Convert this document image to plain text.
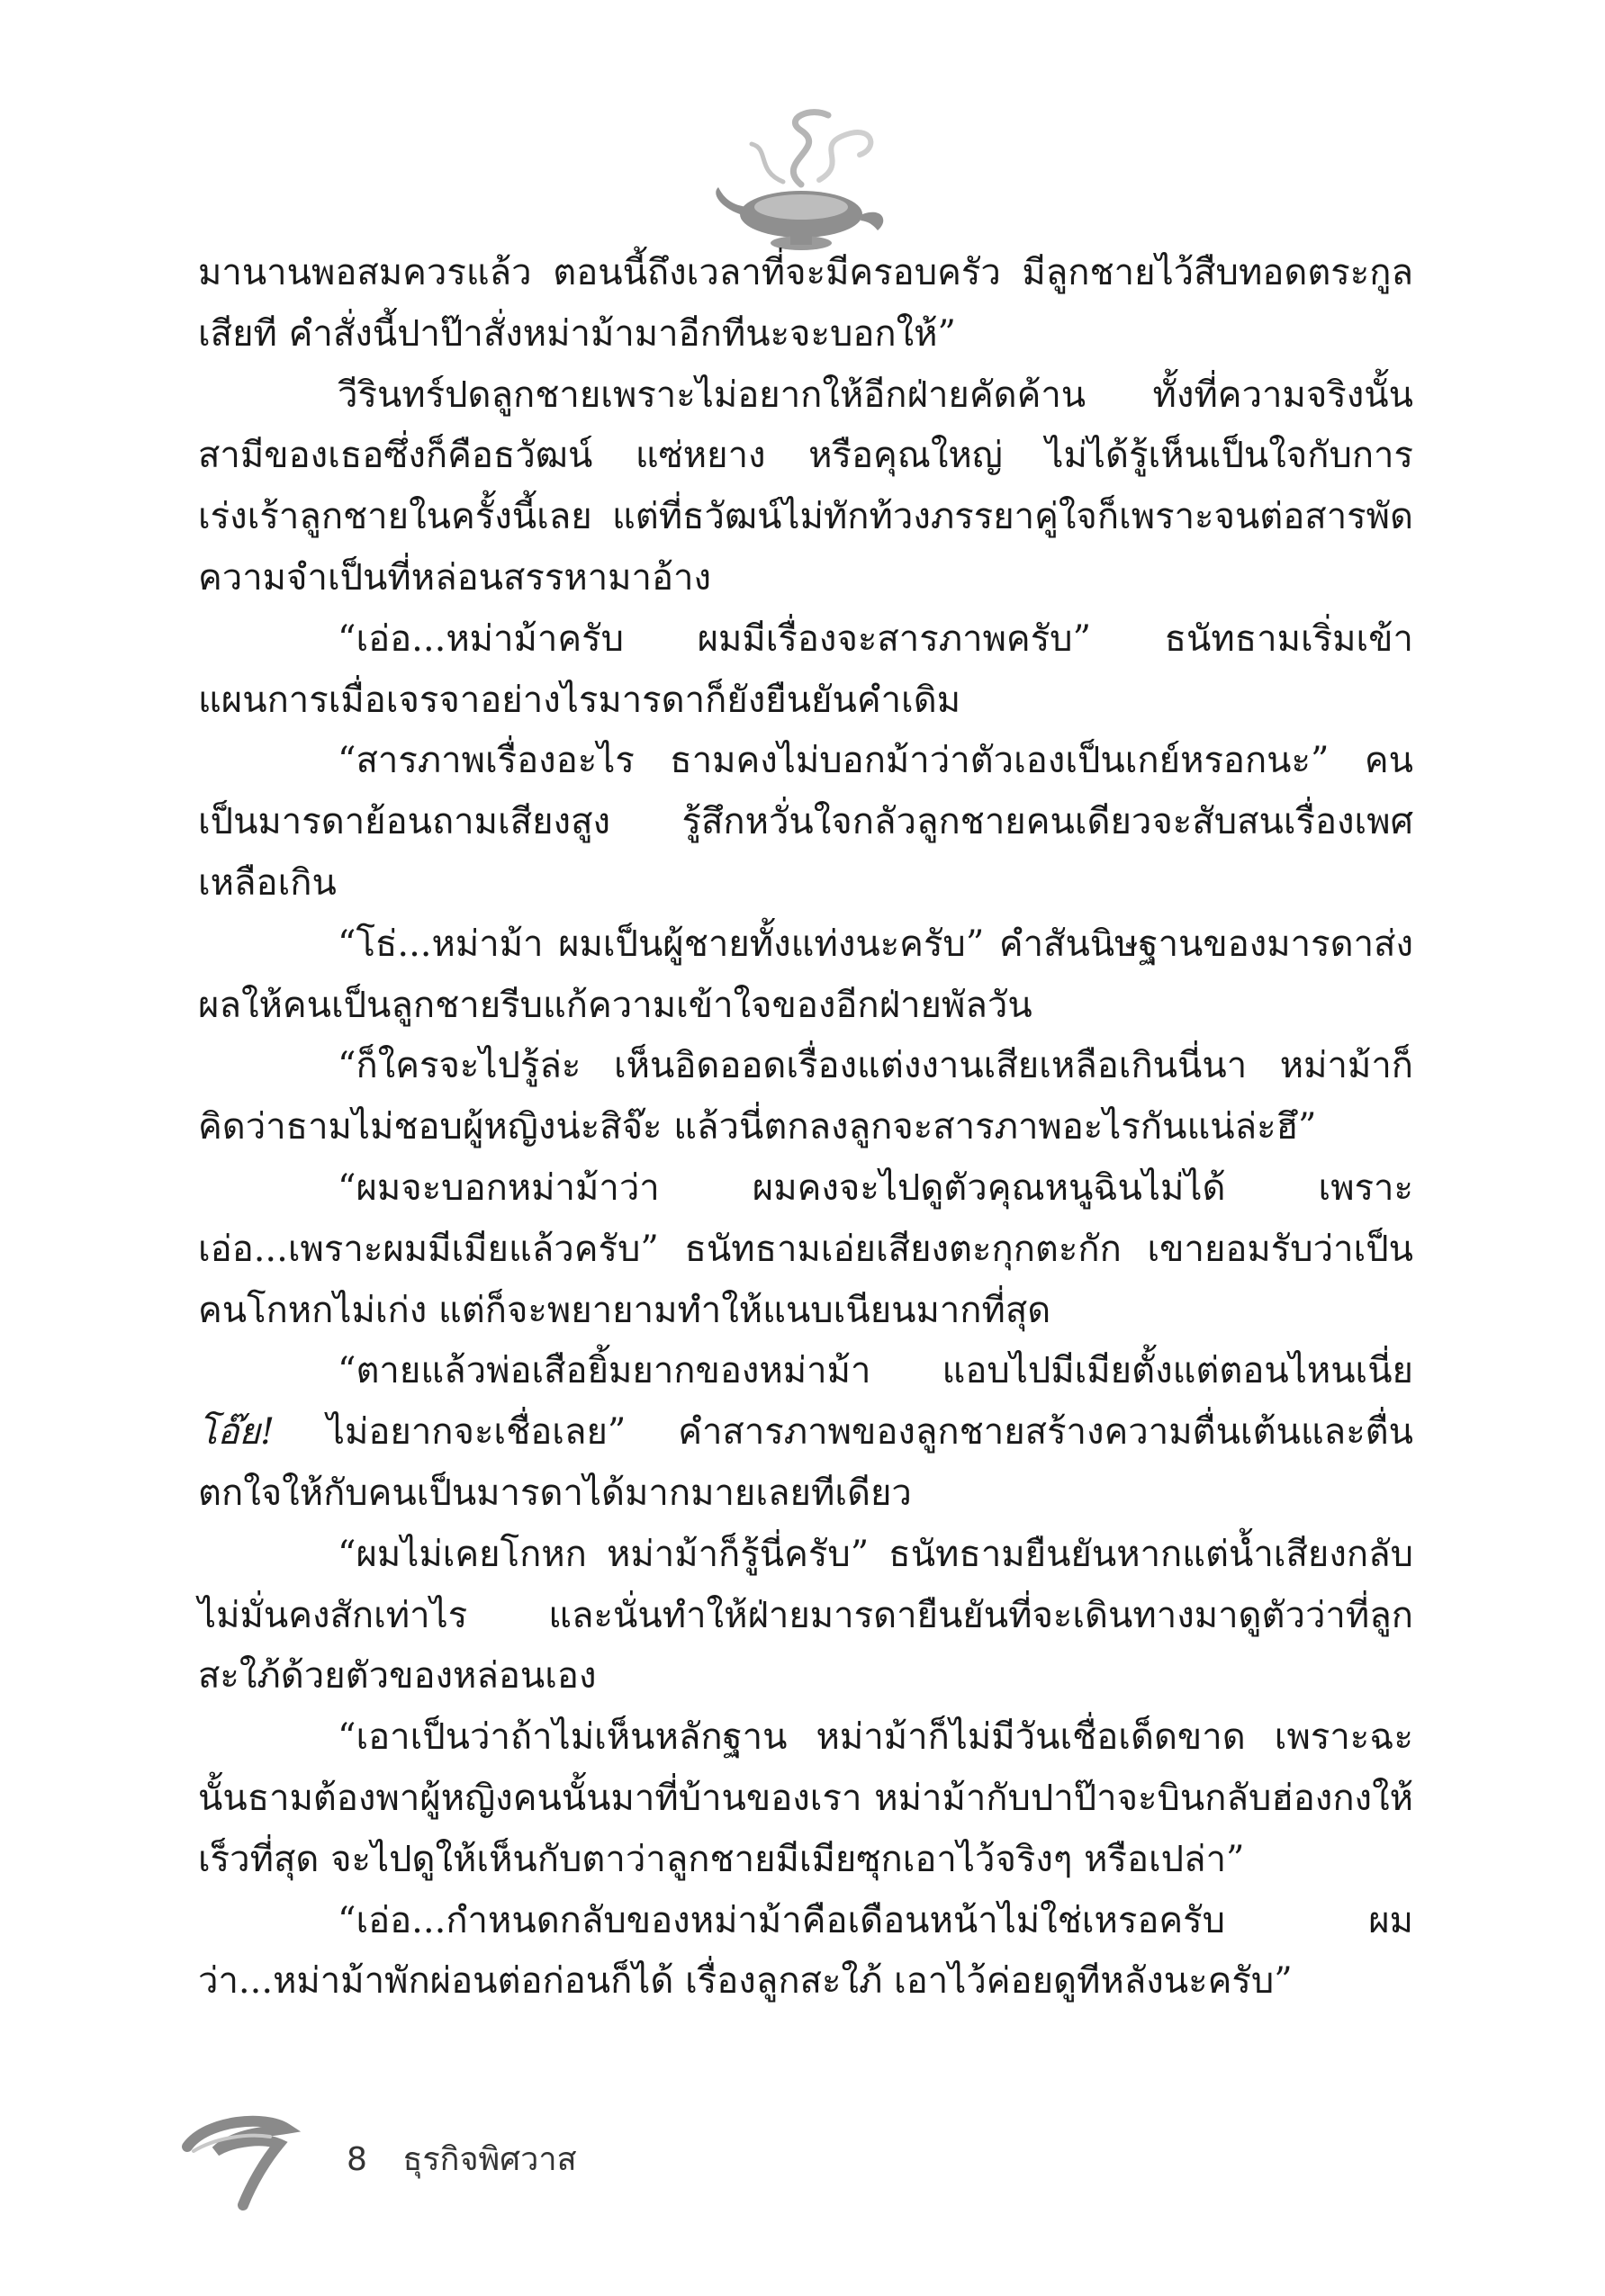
มานานพอสมควรแล้ว ตอนนี้ถึงเวลาที่จะมีครอบครัว มีลูกชายไว้สืบทอดตระกูลเสียที คำสั่งนี้ปาป๊าสั่งหม่าม้ามาอีกทีนะจะบอกให้”

วีรินทร์ปดลูกชายเพราะไม่อยากให้อีกฝ่ายคัดค้าน ทั้งที่ความจริงนั้นสามีของเธอซึ่งก็คือธวัฒน์ แซ่หยาง หรือคุณใหญ่ ไม่ได้รู้เห็นเป็นใจกับการเร่งเร้าลูกชายในครั้งนี้เลย แต่ที่ธวัฒน์ไม่ทักท้วงภรรยาคู่ใจก็เพราะจนต่อสารพัดความจำเป็นที่หล่อนสรรหามาอ้าง

“เอ่อ...หม่าม้าครับ ผมมีเรื่องจะสารภาพครับ” ธนัทธามเริ่มเข้าแผนการเมื่อเจรจาอย่างไรมารดาก็ยังยืนยันคำเดิม

“สารภาพเรื่องอะไร ธามคงไม่บอกม้าว่าตัวเองเป็นเกย์หรอกนะ” คนเป็นมารดาย้อนถามเสียงสูง รู้สึกหวั่นใจกลัวลูกชายคนเดียวจะสับสนเรื่องเพศเหลือเกิน

“โธ่...หม่าม้า ผมเป็นผู้ชายทั้งแท่งนะครับ” คำสันนิษฐานของมารดาส่งผลให้คนเป็นลูกชายรีบแก้ความเข้าใจของอีกฝ่ายพัลวัน

“ก็ใครจะไปรู้ล่ะ เห็นอิดออดเรื่องแต่งงานเสียเหลือเกินนี่นา หม่าม้าก็คิดว่าธามไม่ชอบผู้หญิงน่ะสิจ๊ะ แล้วนี่ตกลงลูกจะสารภาพอะไรกันแน่ล่ะฮึ”

“ผมจะบอกหม่าม้าว่า ผมคงจะไปดูตัวคุณหนูฉินไม่ได้ เพราะเอ่อ...เพราะผมมีเมียแล้วครับ” ธนัทธามเอ่ยเสียงตะกุกตะกัก เขายอมรับว่าเป็นคนโกหกไม่เก่ง แต่ก็จะพยายามทำให้แนบเนียนมากที่สุด

“ตายแล้วพ่อเสือยิ้มยากของหม่าม้า แอบไปมีเมียตั้งแต่ตอนไหนเนี่ย โอ๊ย! ไม่อยากจะเชื่อเลย” คำสารภาพของลูกชายสร้างความตื่นเต้นและตื่นตกใจให้กับคนเป็นมารดาได้มากมายเลยทีเดียว

“ผมไม่เคยโกหก หม่าม้าก็รู้นี่ครับ” ธนัทธามยืนยันหากแต่น้ำเสียงกลับไม่มั่นคงสักเท่าไร และนั่นทำให้ฝ่ายมารดายืนยันที่จะเดินทางมาดูตัวว่าที่ลูกสะใภ้ด้วยตัวของหล่อนเอง

“เอาเป็นว่าถ้าไม่เห็นหลักฐาน หม่าม้าก็ไม่มีวันเชื่อเด็ดขาด เพราะฉะนั้นธามต้องพาผู้หญิงคนนั้นมาที่บ้านของเรา หม่าม้ากับปาป๊าจะบินกลับฮ่องกงให้เร็วที่สุด จะไปดูให้เห็นกับตาว่าลูกชายมีเมียซุกเอาไว้จริงๆ หรือเปล่า”

“เอ่อ...กำหนดกลับของหม่าม้าคือเดือนหน้าไม่ใช่เหรอครับ ผมว่า...หม่าม้าพักผ่อนต่อก่อนก็ได้ เรื่องลูกสะใภ้ เอาไว้ค่อยดูทีหลังนะครับ”

8 ธุรกิจพิศวาส
